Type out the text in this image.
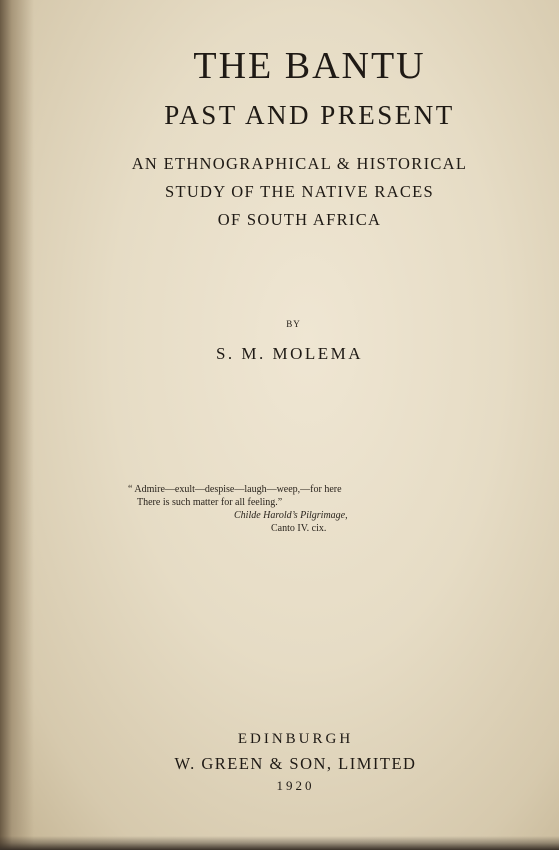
THE BANTU
PAST AND PRESENT
AN ETHNOGRAPHICAL & HISTORICAL
STUDY OF THE NATIVE RACES
OF SOUTH AFRICA
BY
S. M. MOLEMA
“ Admire—exult—despise—laugh—weep,—for here
There is such matter for all feeling.”
Childe Harold’s Pilgrimage,
Canto IV. cix.
EDINBURGH
W. GREEN & SON, LIMITED
1920
